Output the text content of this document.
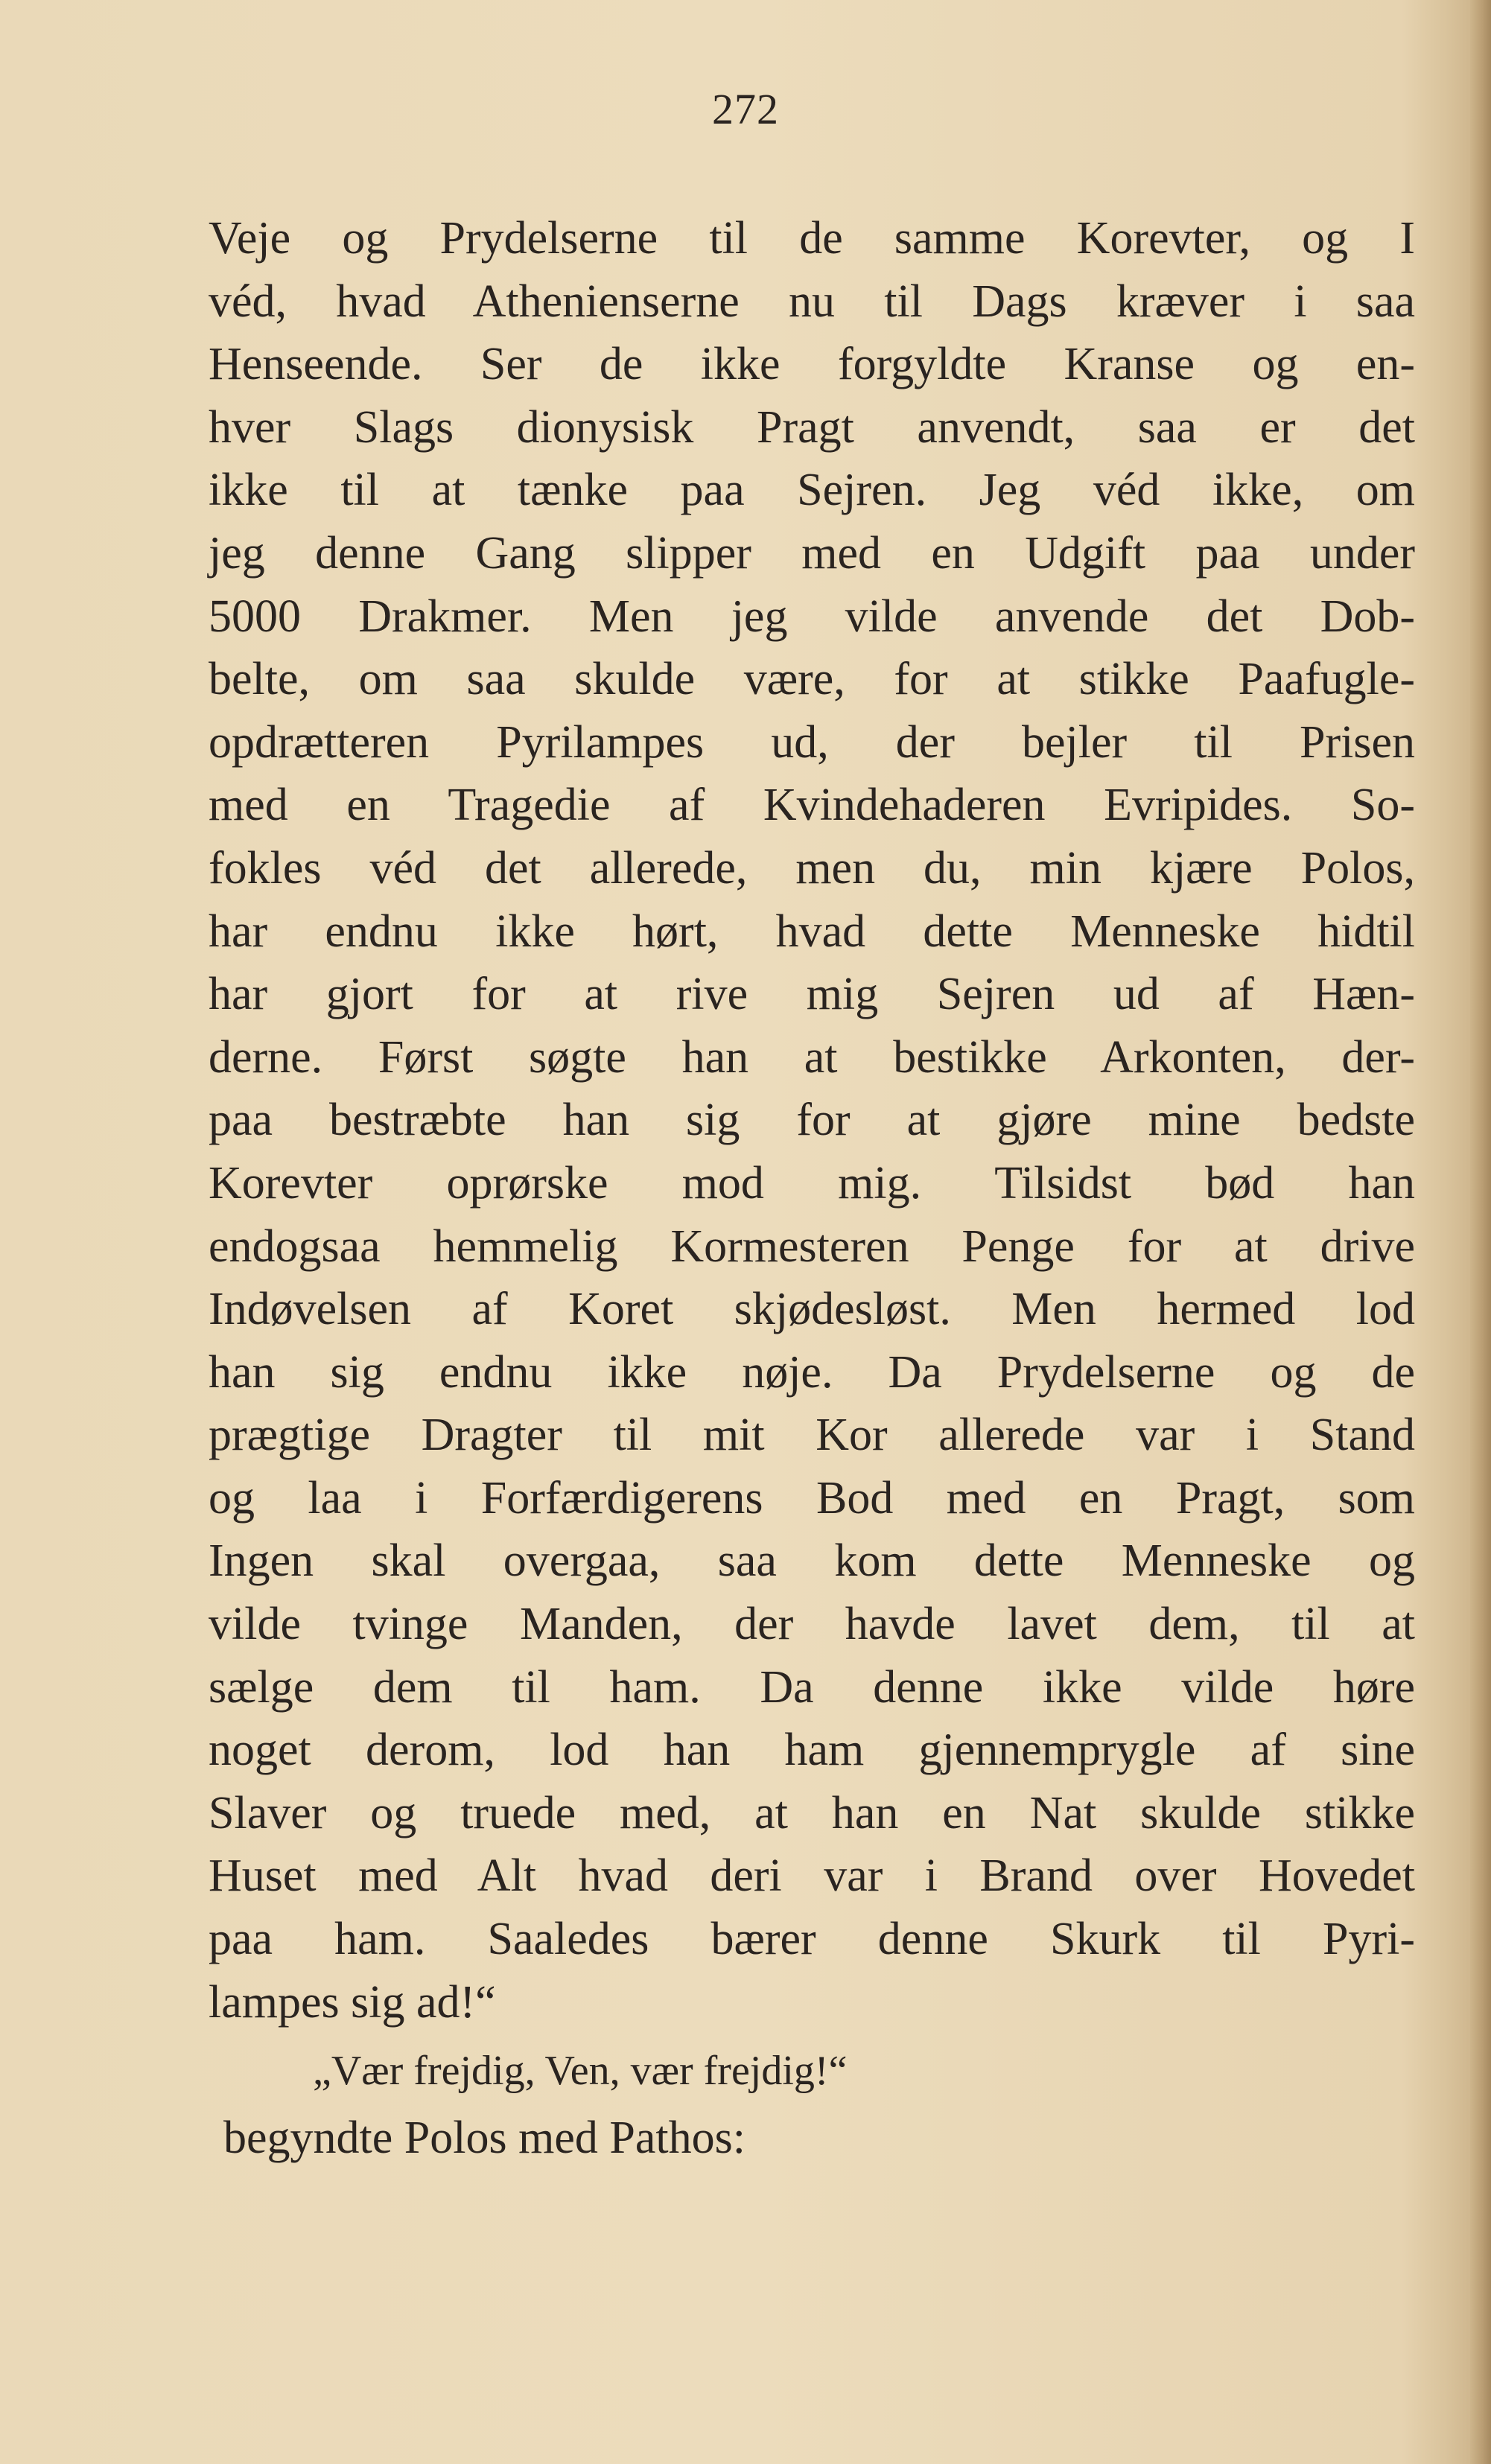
272
Veje og Prydelserne til de samme Korevter, og I
véd, hvad Athenienserne nu til Dags kræver i saa
Henseende. Ser de ikke forgyldte Kranse og en-
hver Slags dionysisk Pragt anvendt, saa er det
ikke til at tænke paa Sejren. Jeg véd ikke, om
jeg denne Gang slipper med en Udgift paa under
5000 Drakmer. Men jeg vilde anvende det Dob-
belte, om saa skulde være, for at stikke Paafugle-
opdrætteren Pyrilampes ud, der bejler til Prisen
med en Tragedie af Kvindehaderen Evripides. So-
fokles véd det allerede, men du, min kjære Polos,
har endnu ikke hørt, hvad dette Menneske hidtil
har gjort for at rive mig Sejren ud af Hæn-
derne. Først søgte han at bestikke Arkonten, der-
paa bestræbte han sig for at gjøre mine bedste
Korevter oprørske mod mig. Tilsidst bød han
endogsaa hemmelig Kormesteren Penge for at drive
Indøvelsen af Koret skjødesløst. Men hermed lod
han sig endnu ikke nøje. Da Prydelserne og de
prægtige Dragter til mit Kor allerede var i Stand
og laa i Forfærdigerens Bod med en Pragt, som
Ingen skal overgaa, saa kom dette Menneske og
vilde tvinge Manden, der havde lavet dem, til at
sælge dem til ham. Da denne ikke vilde høre
noget derom, lod han ham gjennemprygle af sine
Slaver og truede med, at han en Nat skulde stikke
Huset med Alt hvad deri var i Brand over Hovedet
paa ham. Saaledes bærer denne Skurk til Pyri-
lampes sig ad!“
„Vær frejdig, Ven, vær frejdig!“
begyndte Polos med Pathos:
